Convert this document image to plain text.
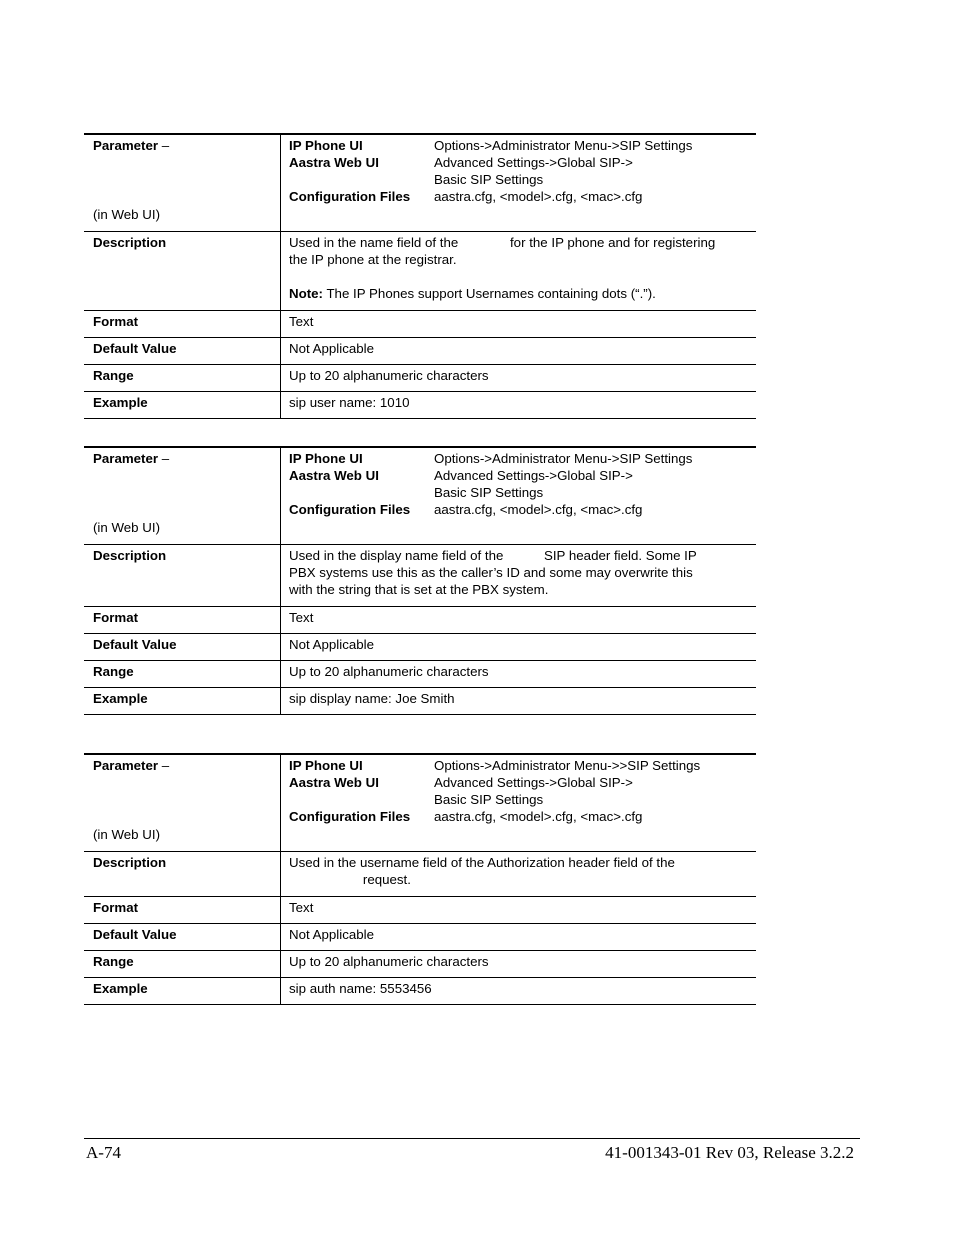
Parameter –
(in Web UI)
IP Phone UI	Options->Administrator Menu->SIP Settings
Aastra Web UI	Advanced Settings->Global SIP->
Basic SIP Settings
Configuration Files	aastra.cfg, <model>.cfg, <mac>.cfg
Description	Used in the name field of the              for the IP phone and for registering
the IP phone at the registrar.
Note: The IP Phones support Usernames containing dots (“.”).
Format	Text
Default Value	Not Applicable
Range	Up to 20 alphanumeric characters
Example	sip user name: 1010
Parameter –
(in Web UI)
IP Phone UI	Options->Administrator Menu->SIP Settings
Aastra Web UI	Advanced Settings->Global SIP->
Basic SIP Settings
Configuration Files	aastra.cfg, <model>.cfg, <mac>.cfg
Description	Used in the display name field of the           SIP header field. Some IP
PBX systems use this as the caller’s ID and some may overwrite this
with the string that is set at the PBX system.
Format	Text
Default Value	Not Applicable
Range	Up to 20 alphanumeric characters
Example	sip display name: Joe Smith
Parameter –
(in Web UI)
IP Phone UI	Options->Administrator Menu->>SIP Settings
Aastra Web UI	Advanced Settings->Global SIP->
Basic SIP Settings
Configuration Files	aastra.cfg, <model>.cfg, <mac>.cfg
Description	Used in the username field of the Authorization header field of the
request.
Format	Text
Default Value	Not Applicable
Range	Up to 20 alphanumeric characters
Example	sip auth name: 5553456
A-74	41-001343-01 Rev 03, Release 3.2.2
